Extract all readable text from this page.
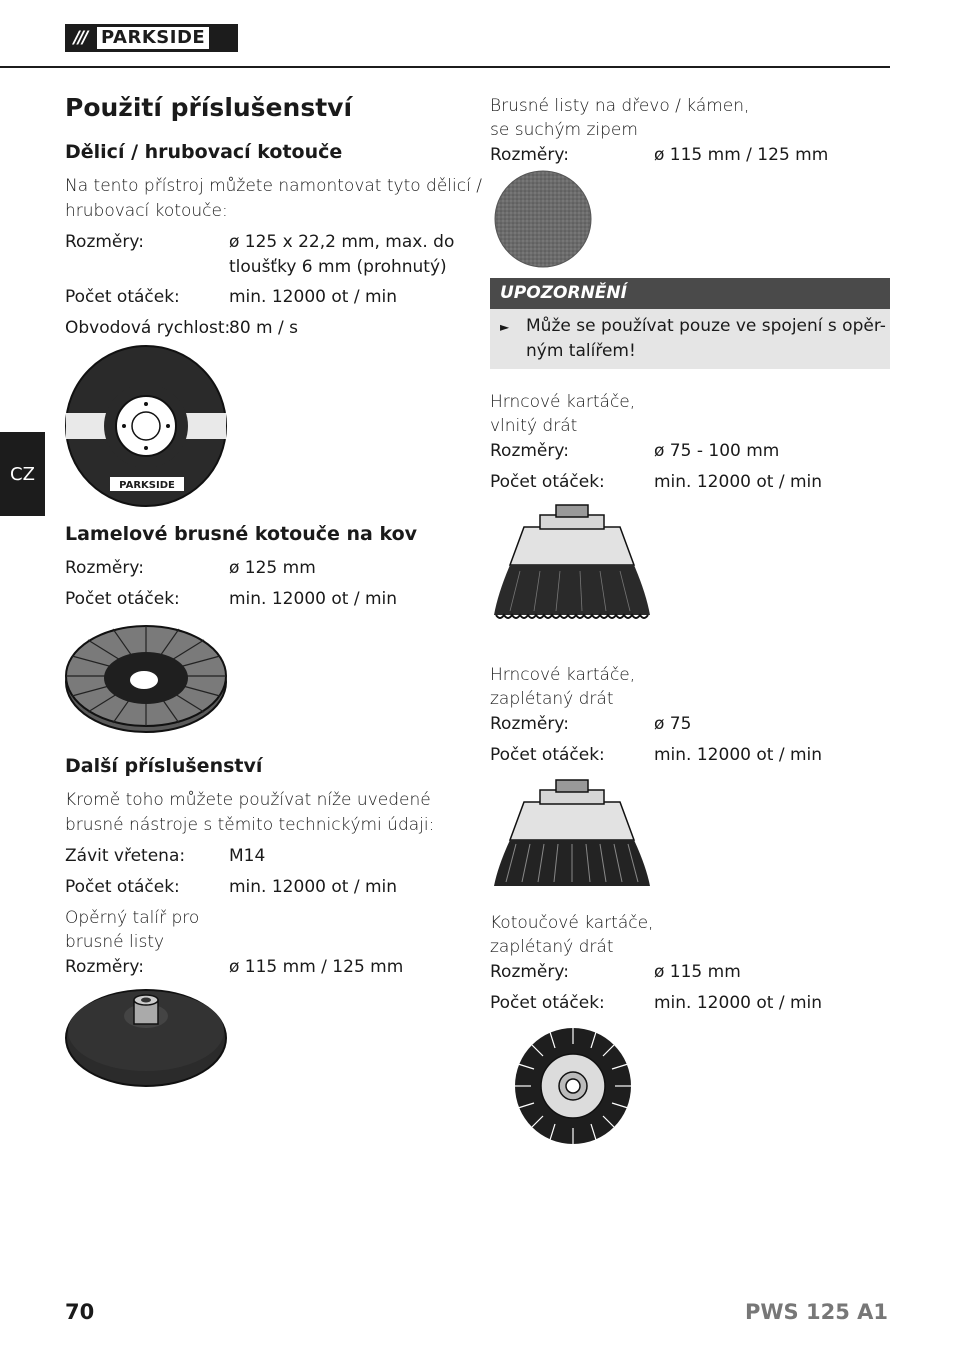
/// PARKSIDE
CZ
Použití příslušenství
Dělicí / hrubovací kotouče
Na tento přístroj můžete namontovat tyto dělicí /
hrubovací kotouče:
Rozměry:	ø 125 x 22,2 mm, max. do
tloušťky 6 mm (prohnutý)
Počet otáček:	min. 12000 ot / min
Obvodová rychlost:
80 m / s
PARKSIDE
Lamelové brusné kotouče na kov
Rozměry:	ø 125 mm
Počet otáček:	min. 12000 ot / min
Další příslušenství
Kromě toho můžete používat níže uvedené
brusné nástroje s těmito technickými údaji:
Závit vřetena:	M14
Počet otáček:	min. 12000 ot / min
Opěrný talíř pro
brusné listy
Rozměry:	ø 115 mm / 125 mm
Brusné listy na dřevo / kámen,
se suchým zipem
Rozměry:	ø 115 mm / 125 mm
UPOZORNĚNÍ
► Může se používat pouze ve spojení s opěr-
ným talířem!
Hrncové kartáče,
vlnitý drát
Rozměry:	ø 75 - 100 mm
Počet otáček:	min. 12000 ot / min
Hrncové kartáče,
zaplétaný drát
Rozměry:	ø 75
Počet otáček:	min. 12000 ot / min
Kotoučové kartáče,
zaplétaný drát
Rozměry:	ø 115 mm
Počet otáček:	min. 12000 ot / min
70	PWS 125 A1
